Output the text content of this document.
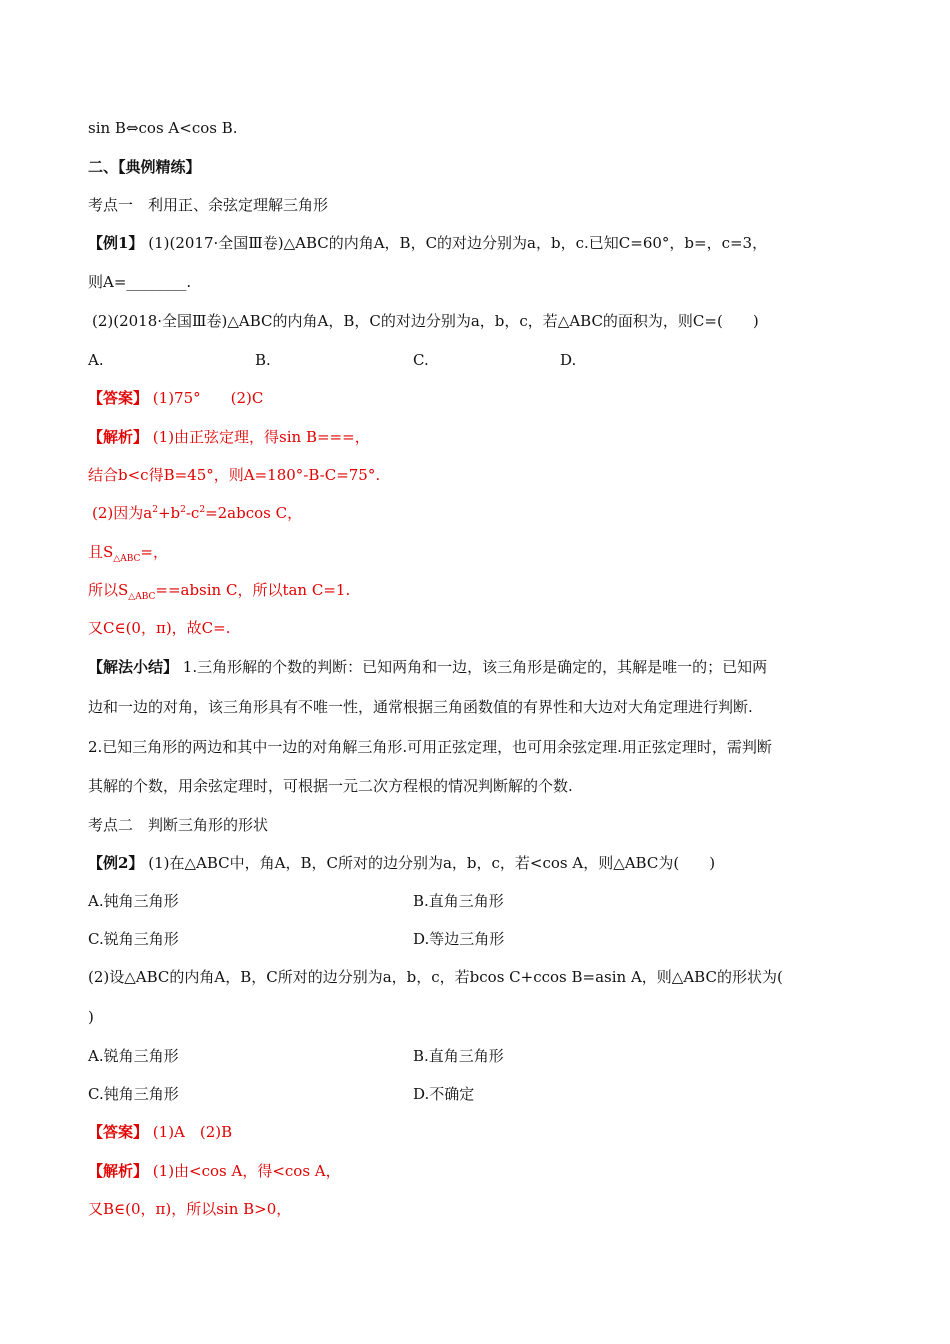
sin B⇔cos A<cos B.
二、【典例精练】
考点一　利用正、余弦定理解三角形
【例1】 (1)(2017·全国Ⅲ卷)△ABC的内角A，B，C的对边分别为a，b，c.已知C=60°，b=，c=3，
则A=________.
(2)(2018·全国Ⅲ卷)△ABC的内角A，B，C的对边分别为a，b，c，若△ABC的面积为，则C=(　　)
A.	B.	C.	D.
【答案】 (1)75°　　(2)C
【解析】 (1)由正弦定理，得sin B===，
结合b<c得B=45°，则A=180°-B-C=75°.
(2)因为$a^2+b^2-c^2=2abcos$ C，
且$S_{\triangle ABC}=$，
所以$S_{\triangle ABC}==absin$ C，所以tan C=1.
又C∈(0，π)，故C=.
【解法小结】 1.三角形解的个数的判断：已知两角和一边，该三角形是确定的，其解是唯一的；已知两
边和一边的对角，该三角形具有不唯一性，通常根据三角函数值的有界性和大边对大角定理进行判断.
2.已知三角形的两边和其中一边的对角解三角形.可用正弦定理，也可用余弦定理.用正弦定理时，需判断
其解的个数，用余弦定理时，可根据一元二次方程根的情况判断解的个数.
考点二　判断三角形的形状
【例2】 (1)在△ABC中，角A，B，C所对的边分别为a，b，c，若<cos A，则△ABC为(　　)
A.钝角三角形	B.直角三角形
C.锐角三角形	D.等边三角形
(2)设△ABC的内角A，B，C所对的边分别为a，b，c，若bcos C+ccos B=asin A，则△ABC的形状为(
)
A.锐角三角形	B.直角三角形
C.钝角三角形	D.不确定
【答案】 (1)A　(2)B
【解析】 (1)由<cos A，得<cos A，
又B∈(0，π)，所以sin B>0，
